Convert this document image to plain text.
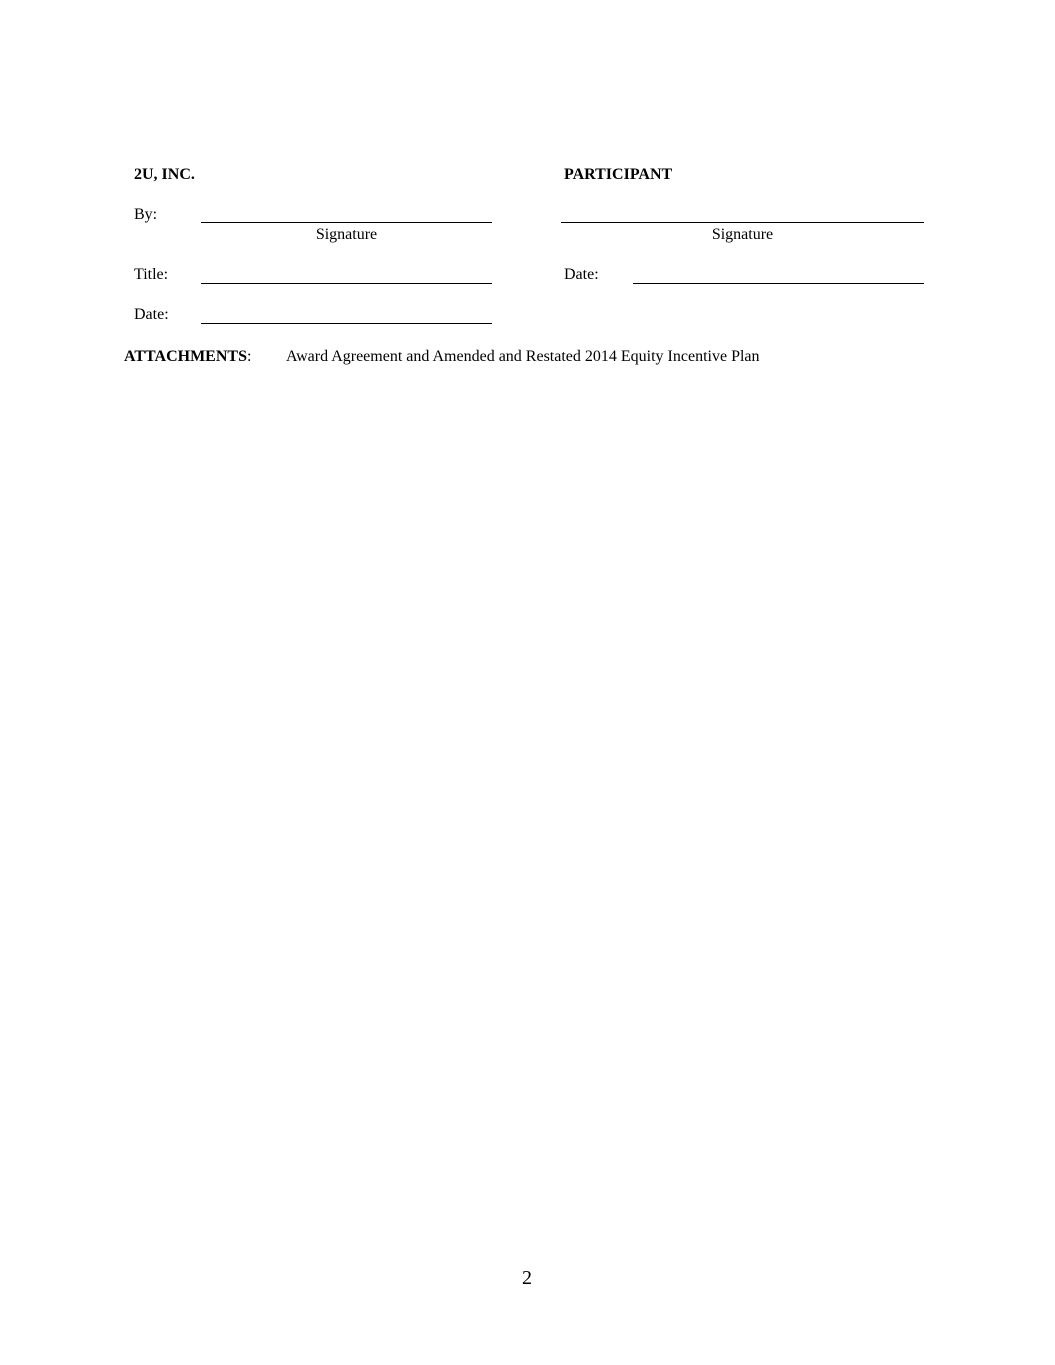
2U, INC.
By:
Signature
Title:
Date:
PARTICIPANT
Signature
Date:
ATTACHMENTS: Award Agreement and Amended and Restated 2014 Equity Incentive Plan
2
